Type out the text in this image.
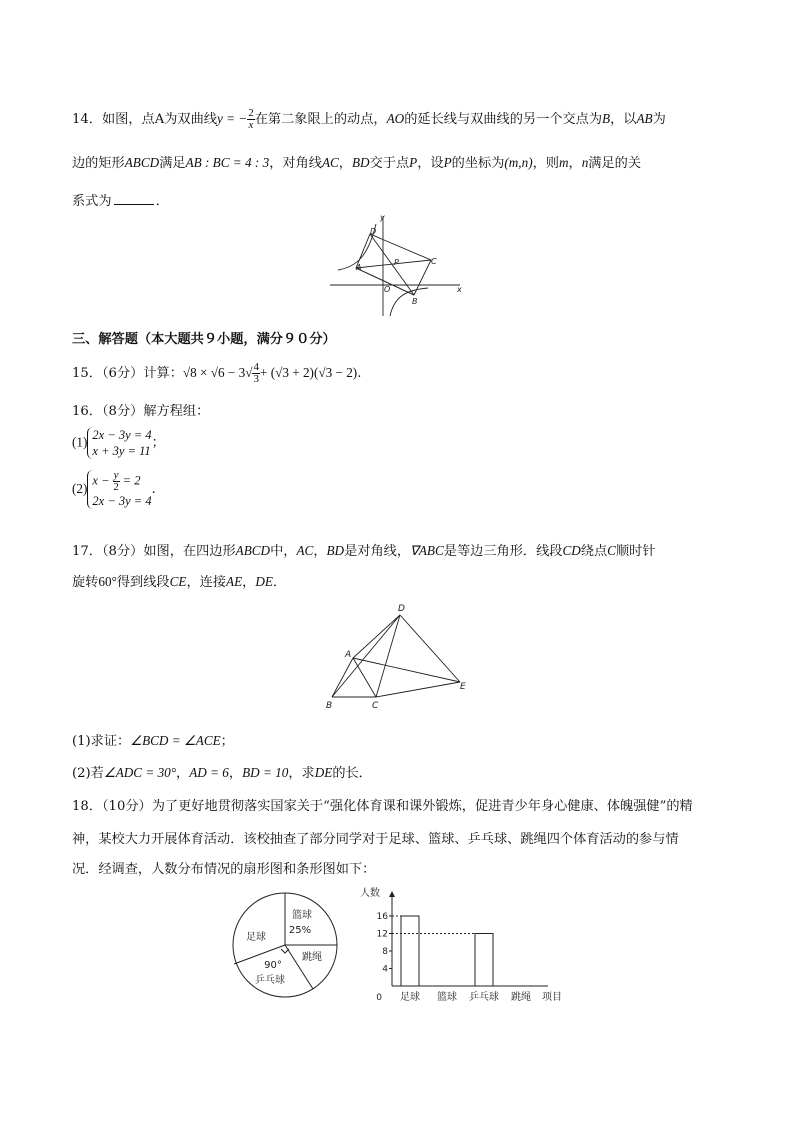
14．如图，点A为双曲线y = − $\frac{2}{x}$ 在第二象限上的动点，AO的延长线与双曲线的另一个交点为B，以AB为
边的矩形ABCD满足AB : BC = 4 : 3，对角线AC，BD交于点P，设P的坐标为(m,n)，则m，n满足的关
系式为	．
y
x
D
A
P	C
O
B
三、解答题（本大题共９小题，满分９０分）
15．（6分）计算：$√8 \times √6 - 3√ \frac{4}{3} + (√3 + 2)(√3 - 2)$.
16．（8分）解方程组：
(1) 2x − 3y = 4
x + 3y = 11
；
(2)
$x - \frac{y}{2} = 2$
2x − 3y = 4
.
17．（8分）如图，在四边形ABCD中，AC，BD是对角线，∇ABC是等边三角形．线段CD绕点C顺时针
旋转60°得到线段CE，连接AE，DE．
D
A
B	C
E
(1)求证：∠BCD = ∠ACE；
(2)若∠ADC = 30°，AD = 6，BD = 10，求DE的长．
18．（10分）为了更好地贯彻落实国家关于“强化体育课和课外锻炼，促进青少年身心健康、体魄强健”的精
神，某校大力开展体育活动．该校抽查了部分同学对于足球、篮球、乒乓球、跳绳四个体育活动的参与情
况．经调查，人数分布情况的扇形图和条形图如下：
篮球
25%
足球
跳绳
90°
乒乓球
人数
项目
0
4
8
12
16
足球 篮球 乒乓球 跳绳
